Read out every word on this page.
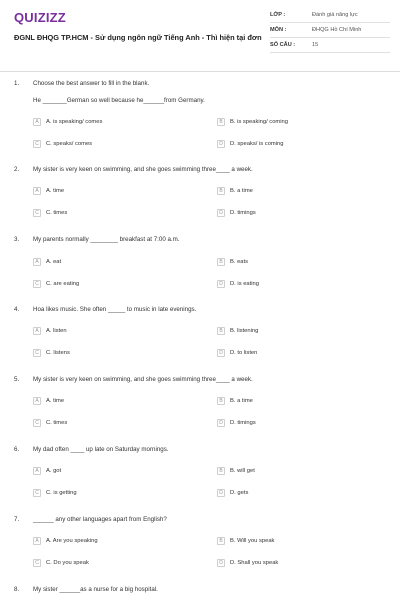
QUIZIZZ
ĐGNL ĐHQG TP.HCM - Sử dụng ngôn ngữ Tiếng Anh - Thì hiện tại đơn
LỚP :	Đánh giá năng lực
MÔN :	ĐHQG Hồ Chí Minh
SỐ CÂU :	15
1. Choose the best answer to fill in the blank.
He _______German so well because he______from Germany.
A	A. is speaking/ comes	B	B. is speaking/ coming
C	C. speaks/ comes	D	D. speaks/ is coming
2. My sister is very keen on swimming, and she goes swimming three____ a week.
A	A. time	B	B. a time
C	C. times	D	D. timings
3. My parents normally ________ breakfast at 7:00 a.m.
A	A. eat	B	B. eats
C	C. are eating	D	D. is eating
4. Hoa likes music. She often _____ to music in late evenings.
A	A. listen	B	B. listening
C	C. listens	D	D. to listen
5. My sister is very keen on swimming, and she goes swimming three____ a week.
A	A. time	B	B. a time
C	C. times	D	D. timings
6. My dad often ____ up late on Saturday mornings.
A	A. got	B	B. will get
C	C. is getting	D	D. gets
7. ______ any other languages apart from English?
A	A. Are you speaking	B	B. Will you speak
C	C. Do you speak	D	D. Shall you speak
8. My sister ______as a nurse for a big hospital.
